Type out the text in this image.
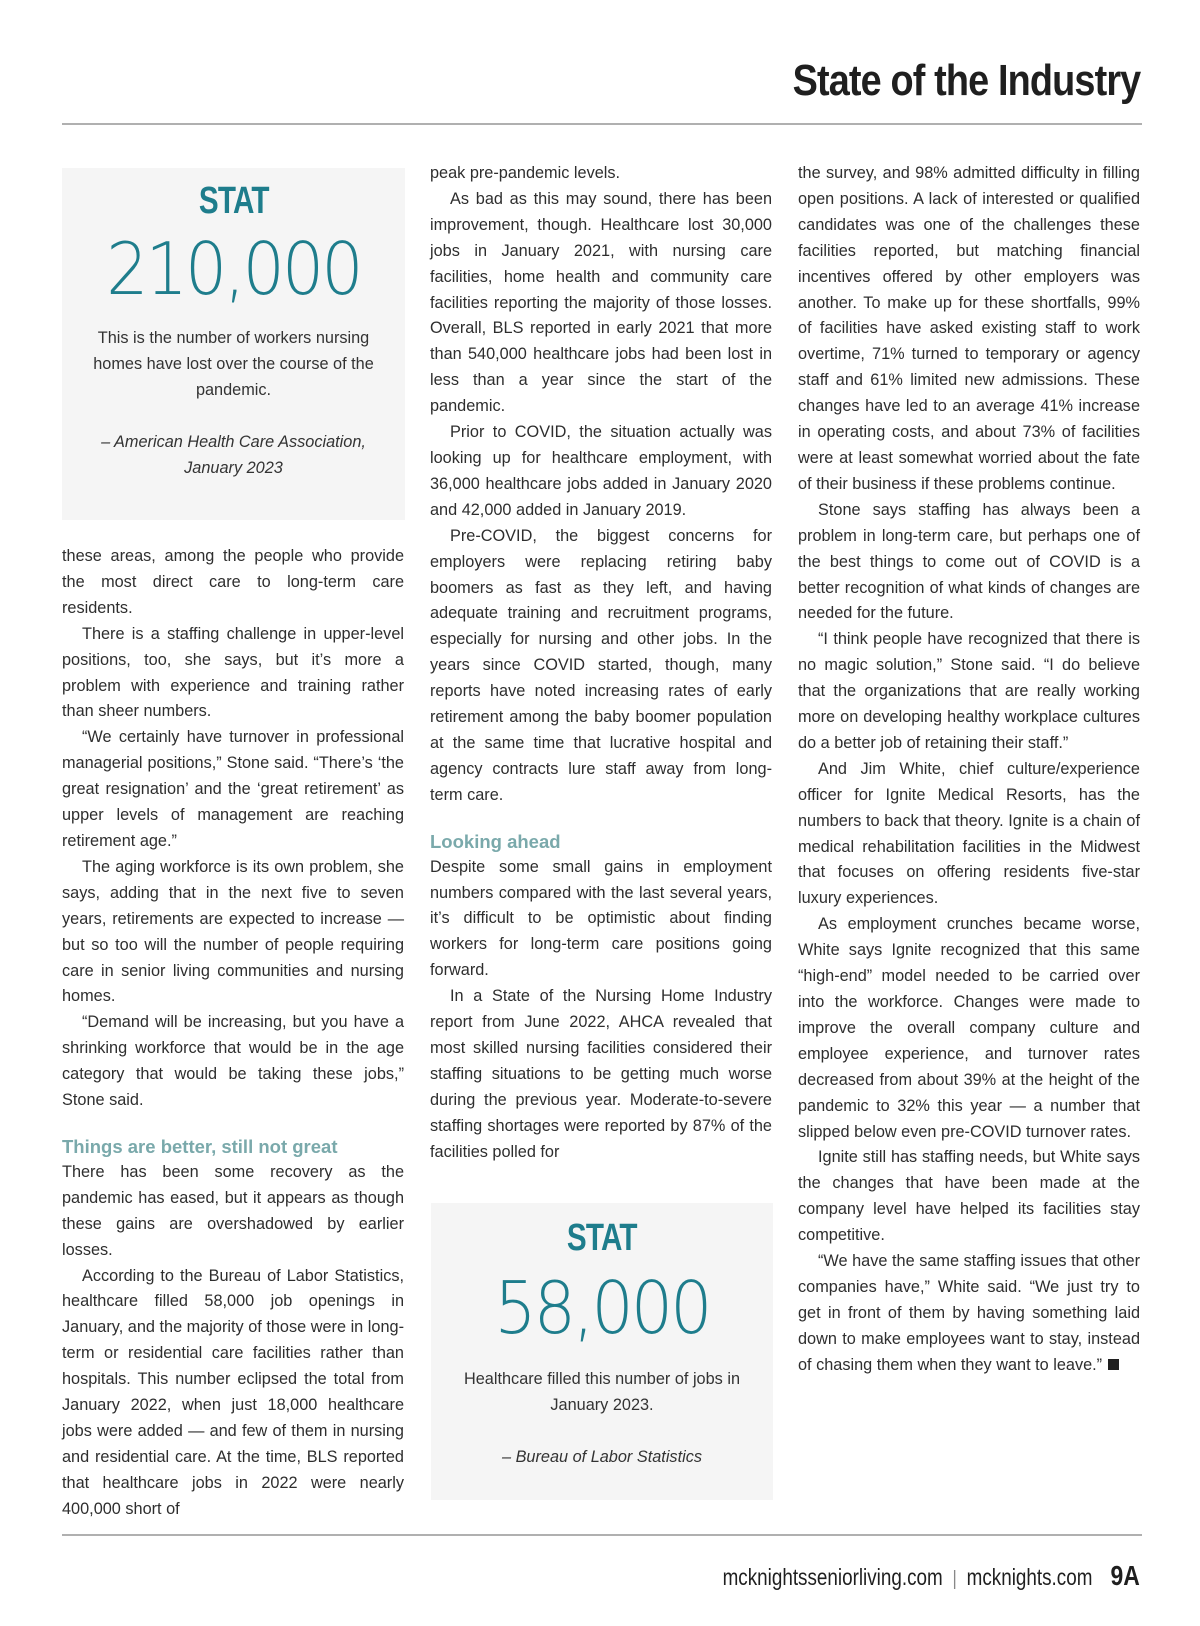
State of the Industry
STAT
210,000
This is the number of workers nursing homes have lost over the course of the pandemic.
– American Health Care Association, January 2023

these areas, among the people who provide the most direct care to long-term care residents.

There is a staffing challenge in upper-level positions, too, she says, but it’s more a problem with experience and training rather than sheer numbers.

“We certainly have turnover in professional managerial positions,” Stone said. “There’s ‘the great resignation’ and the ‘great retirement’ as upper levels of management are reaching retirement age.”

The aging workforce is its own problem, she says, adding that in the next five to seven years, retirements are expected to increase — but so too will the number of people requiring care in senior living communities and nursing homes.

“Demand will be increasing, but you have a shrinking workforce that would be in the age category that would be taking these jobs,” Stone said.

Things are better, still not great

There has been some recovery as the pandemic has eased, but it appears as though these gains are overshadowed by earlier losses.

According to the Bureau of Labor Statistics, healthcare filled 58,000 job openings in January, and the majority of those were in long-term or residential care facilities rather than hospitals. This number eclipsed the total from January 2022, when just 18,000 healthcare jobs were added — and few of them in nursing and residential care. At the time, BLS reported that healthcare jobs in 2022 were nearly 400,000 short of

peak pre-pandemic levels.

As bad as this may sound, there has been improvement, though. Healthcare lost 30,000 jobs in January 2021, with nursing care facilities, home health and community care facilities reporting the majority of those losses. Overall, BLS reported in early 2021 that more than 540,000 healthcare jobs had been lost in less than a year since the start of the pandemic.

Prior to COVID, the situation actually was looking up for healthcare employment, with 36,000 healthcare jobs added in January 2020 and 42,000 added in January 2019.

Pre-COVID, the biggest concerns for employers were replacing retiring baby boomers as fast as they left, and having adequate training and recruitment programs, especially for nursing and other jobs. In the years since COVID started, though, many reports have noted increasing rates of early retirement among the baby boomer population at the same time that lucrative hospital and agency contracts lure staff away from long-term care.

Looking ahead

Despite some small gains in employment numbers compared with the last several years, it’s difficult to be optimistic about finding workers for long-term care positions going forward.

In a State of the Nursing Home Industry report from June 2022, AHCA revealed that most skilled nursing facilities considered their staffing situations to be getting much worse during the previous year. Moderate-to-severe staffing shortages were reported by 87% of the facilities polled for

STAT
58,000
Healthcare filled this number of jobs in January 2023.
– Bureau of Labor Statistics

the survey, and 98% admitted difficulty in filling open positions. A lack of interested or qualified candidates was one of the challenges these facilities reported, but matching financial incentives offered by other employers was another. To make up for these shortfalls, 99% of facilities have asked existing staff to work overtime, 71% turned to temporary or agency staff and 61% limited new admissions. These changes have led to an average 41% increase in operating costs, and about 73% of facilities were at least somewhat worried about the fate of their business if these problems continue.

Stone says staffing has always been a problem in long-term care, but perhaps one of the best things to come out of COVID is a better recognition of what kinds of changes are needed for the future.

“I think people have recognized that there is no magic solution,” Stone said. “I do believe that the organizations that are really working more on developing healthy workplace cultures do a better job of retaining their staff.”

And Jim White, chief culture/experience officer for Ignite Medical Resorts, has the numbers to back that theory. Ignite is a chain of medical rehabilitation facilities in the Midwest that focuses on offering residents five-star luxury experiences.

As employment crunches became worse, White says Ignite recognized that this same “high-end” model needed to be carried over into the workforce. Changes were made to improve the overall company culture and employee experience, and turnover rates decreased from about 39% at the height of the pandemic to 32% this year — a number that slipped below even pre-COVID turnover rates.

Ignite still has staffing needs, but White says the changes that have been made at the company level have helped its facilities stay competitive.

“We have the same staffing issues that other companies have,” White said. “We just try to get in front of them by having something laid down to make employees want to stay, instead of chasing them when they want to leave.”

mcknightsseniorliving.com | mcknights.com 9A
